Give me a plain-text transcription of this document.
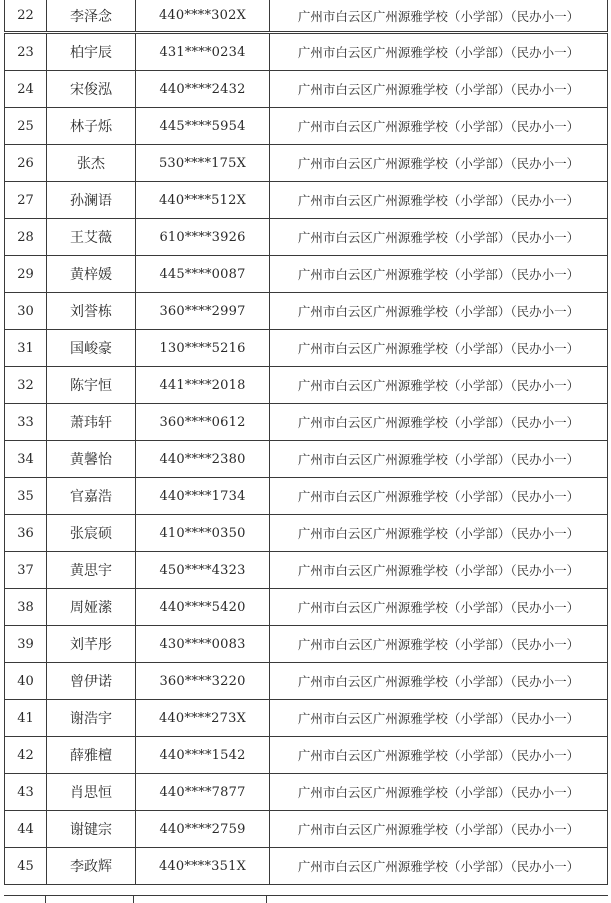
22	李泽念	440****302X	广州市白云区广州源雅学校（小学部）（民办小一）
23	柏宇辰	431****0234	广州市白云区广州源雅学校（小学部）（民办小一）
24	宋俊泓	440****2432	广州市白云区广州源雅学校（小学部）（民办小一）
25	林子烁	445****5954	广州市白云区广州源雅学校（小学部）（民办小一）
26	张杰	530****175X	广州市白云区广州源雅学校（小学部）（民办小一）
27	孙澜语	440****512X	广州市白云区广州源雅学校（小学部）（民办小一）
28	王艾薇	610****3926	广州市白云区广州源雅学校（小学部）（民办小一）
29	黄梓媛	445****0087	广州市白云区广州源雅学校（小学部）（民办小一）
30	刘誉栋	360****2997	广州市白云区广州源雅学校（小学部）（民办小一）
31	国峻豪	130****5216	广州市白云区广州源雅学校（小学部）（民办小一）
32	陈宇恒	441****2018	广州市白云区广州源雅学校（小学部）（民办小一）
33	萧玮轩	360****0612	广州市白云区广州源雅学校（小学部）（民办小一）
34	黄馨怡	440****2380	广州市白云区广州源雅学校（小学部）（民办小一）
35	官嘉浩	440****1734	广州市白云区广州源雅学校（小学部）（民办小一）
36	张宸硕	410****0350	广州市白云区广州源雅学校（小学部）（民办小一）
37	黄思宇	450****4323	广州市白云区广州源雅学校（小学部）（民办小一）
38	周娅潆	440****5420	广州市白云区广州源雅学校（小学部）（民办小一）
39	刘芊彤	430****0083	广州市白云区广州源雅学校（小学部）（民办小一）
40	曾伊诺	360****3220	广州市白云区广州源雅学校（小学部）（民办小一）
41	谢浩宇	440****273X	广州市白云区广州源雅学校（小学部）（民办小一）
42	薛雅檀	440****1542	广州市白云区广州源雅学校（小学部）（民办小一）
43	肖思恒	440****7877	广州市白云区广州源雅学校（小学部）（民办小一）
44	谢键宗	440****2759	广州市白云区广州源雅学校（小学部）（民办小一）
45	李政辉	440****351X	广州市白云区广州源雅学校（小学部）（民办小一）
